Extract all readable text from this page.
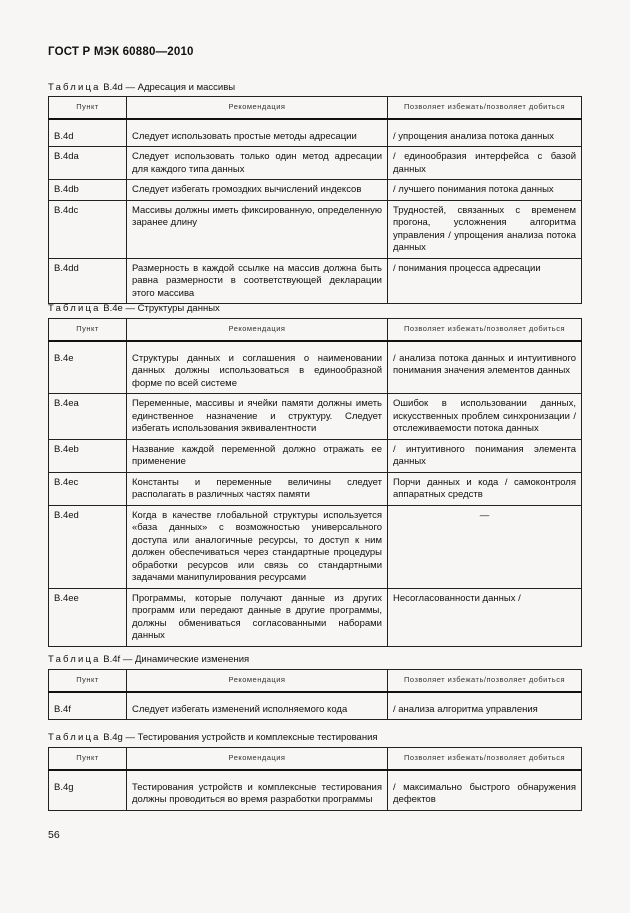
ГОСТ Р МЭК 60880—2010
Таблица B.4d — Адресация и массивы
Пункт	Рекомендация	Позволяет избежать/позволяет добиться

B.4d	Следует использовать простые методы адресации	/ упрощения анализа потока данных
B.4da	Следует использовать только один метод адресации для каждого типа данных	/ единообразия интерфейса с базой данных
B.4db	Следует избегать громоздких вычислений индексов	/ лучшего понимания потока данных
B.4dc	Массивы должны иметь фиксированную, определенную заранее длину	Трудностей, связанных с временем прогона, усложнения алгоритма управления / упрощения анализа потока данных
B.4dd	Размерность в каждой ссылке на массив должна быть равна размерности в соответствующей декларации этого массива	/ понимания процесса адресации
Таблица B.4e — Структуры данных
Пункт	Рекомендация	Позволяет избежать/позволяет добиться

B.4e	Структуры данных и соглашения о наименовании данных должны использоваться в единообразной форме по всей системе	/ анализа потока данных и интуитивного понимания значения элементов данных
B.4ea	Переменные, массивы и ячейки памяти должны иметь единственное назначение и структуру. Следует избегать использования эквивалентности	Ошибок в использовании данных, искусственных проблем синхронизации / отслеживаемости потока данных
B.4eb	Название каждой переменной должно отражать ее применение	/ интуитивного понимания элемента данных
B.4ec	Константы и переменные величины следует располагать в различных частях памяти	Порчи данных и кода / самоконтроля аппаратных средств
B.4ed	Когда в качестве глобальной структуры используется «база данных» с возможностью универсального доступа или аналогичные ресурсы, то доступ к ним должен обеспечиваться через стандартные процедуры обработки ресурсов или связь со стандартными задачами манипулирования ресурсами	—
B.4ee	Программы, которые получают данные из других программ или передают данные в другие программы, должны обмениваться согласованными наборами данных	Несогласованности данных /
Таблица B.4f — Динамические изменения
Пункт	Рекомендация	Позволяет избежать/позволяет добиться

B.4f	Следует избегать изменений исполняемого кода	/ анализа алгоритма управления
Таблица B.4g — Тестирования устройств и комплексные тестирования
Пункт	Рекомендация	Позволяет избежать/позволяет добиться

B.4g	Тестирования устройств и комплексные тестирования должны проводиться во время разработки программы	/ максимально быстрого обнаружения дефектов
56
